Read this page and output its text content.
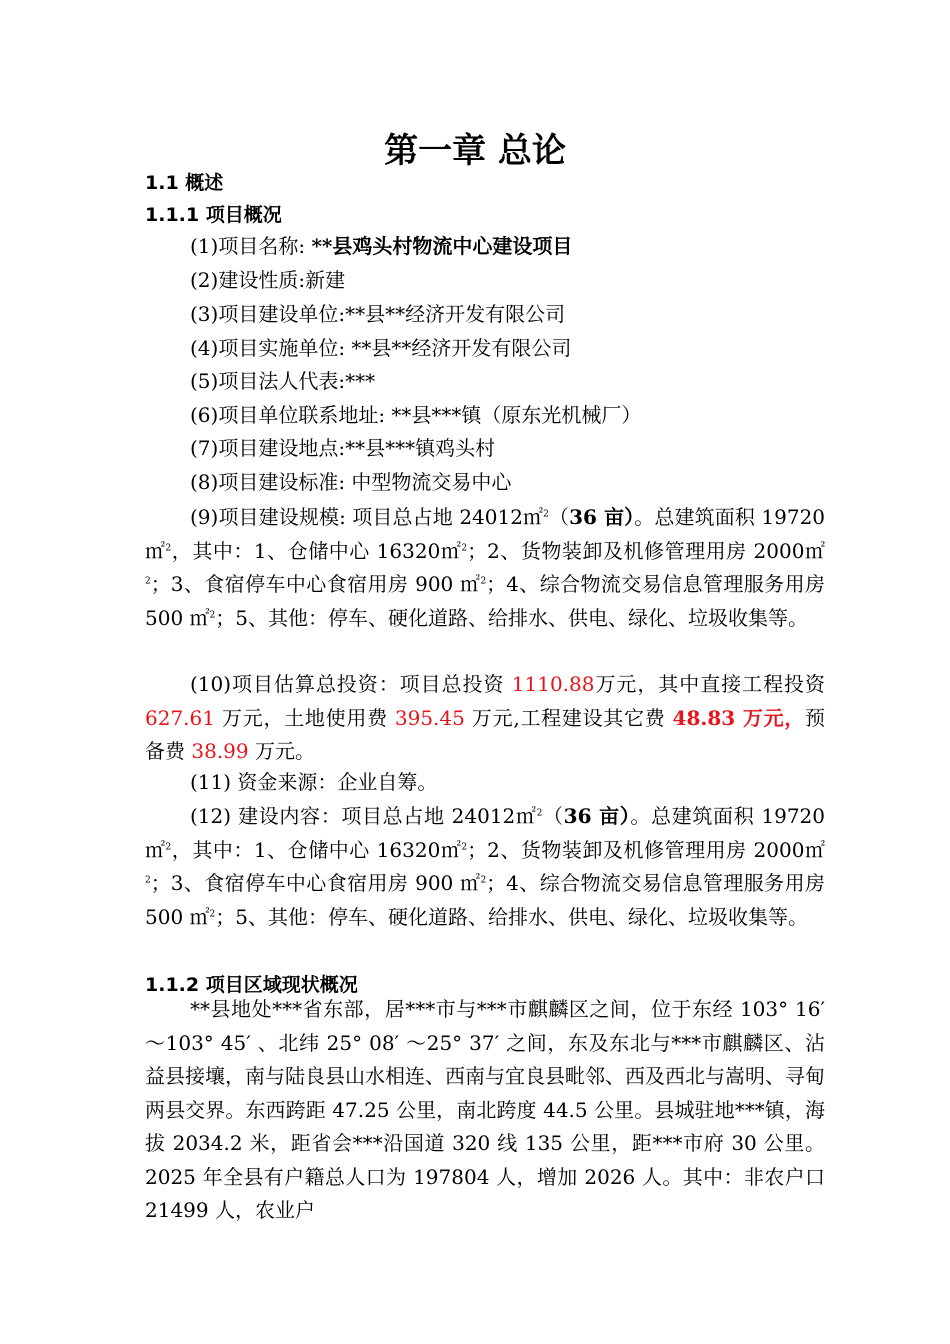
第一章 总论
1.1 概述
1.1.1 项目概况
(1)项目名称: **县鸡头村物流中心建设项目
(2)建设性质:新建
(3)项目建设单位:**县**经济开发有限公司
(4)项目实施单位: **县**经济开发有限公司
(5)项目法人代表:***
(6)项目单位联系地址: **县***镇（原东光机械厂）
(7)项目建设地点:**县***镇鸡头村
(8)项目建设标准: 中型物流交易中心
(9)项目建设规模: 项目总占地 24012㎡$^2$（36 亩）。总建筑面积 19720 ㎡$^2$，其中：1、仓储中心 16320㎡$^2$；2、货物装卸及机修管理用房 2000㎡$^2$；3、食宿停车中心食宿用房 900 ㎡$^2$；4、综合物流交易信息管理服务用房 500 ㎡$^2$；5、其他：停车、硬化道路、给排水、供电、绿化、垃圾收集等。
(10)项目估算总投资：项目总投资 1110.88万元，其中直接工程投资 627.61 万元，土地使用费 395.45 万元,工程建设其它费 48.83 万元，预备费 38.99 万元。
(11) 资金来源：企业自筹。
(12) 建设内容：项目总占地 24012㎡$^2$（36 亩）。总建筑面积 19720 ㎡$^2$，其中：1、仓储中心 16320㎡$^2$；2、货物装卸及机修管理用房 2000㎡$^2$；3、食宿停车中心食宿用房 900 ㎡$^2$；4、综合物流交易信息管理服务用房 500 ㎡$^2$；5、其他：停车、硬化道路、给排水、供电、绿化、垃圾收集等。
1.1.2 项目区域现状概况
**县地处***省东部，居***市与***市麒麟区之间，位于东经 103° 16′ ～103° 45′ 、北纬 25° 08′ ～25° 37′ 之间，东及东北与***市麒麟区、沾益县接壤，南与陆良县山水相连、西南与宜良县毗邻、西及西北与嵩明、寻甸两县交界。东西跨距 47.25 公里，南北跨度 44.5 公里。县城驻地***镇，海拔 2034.2 米，距省会***沿国道 320 线 135 公里，距***市府 30 公里。2025 年全县有户籍总人口为 197804 人，增加 2026 人。其中：非农户口 21499 人，农业户
